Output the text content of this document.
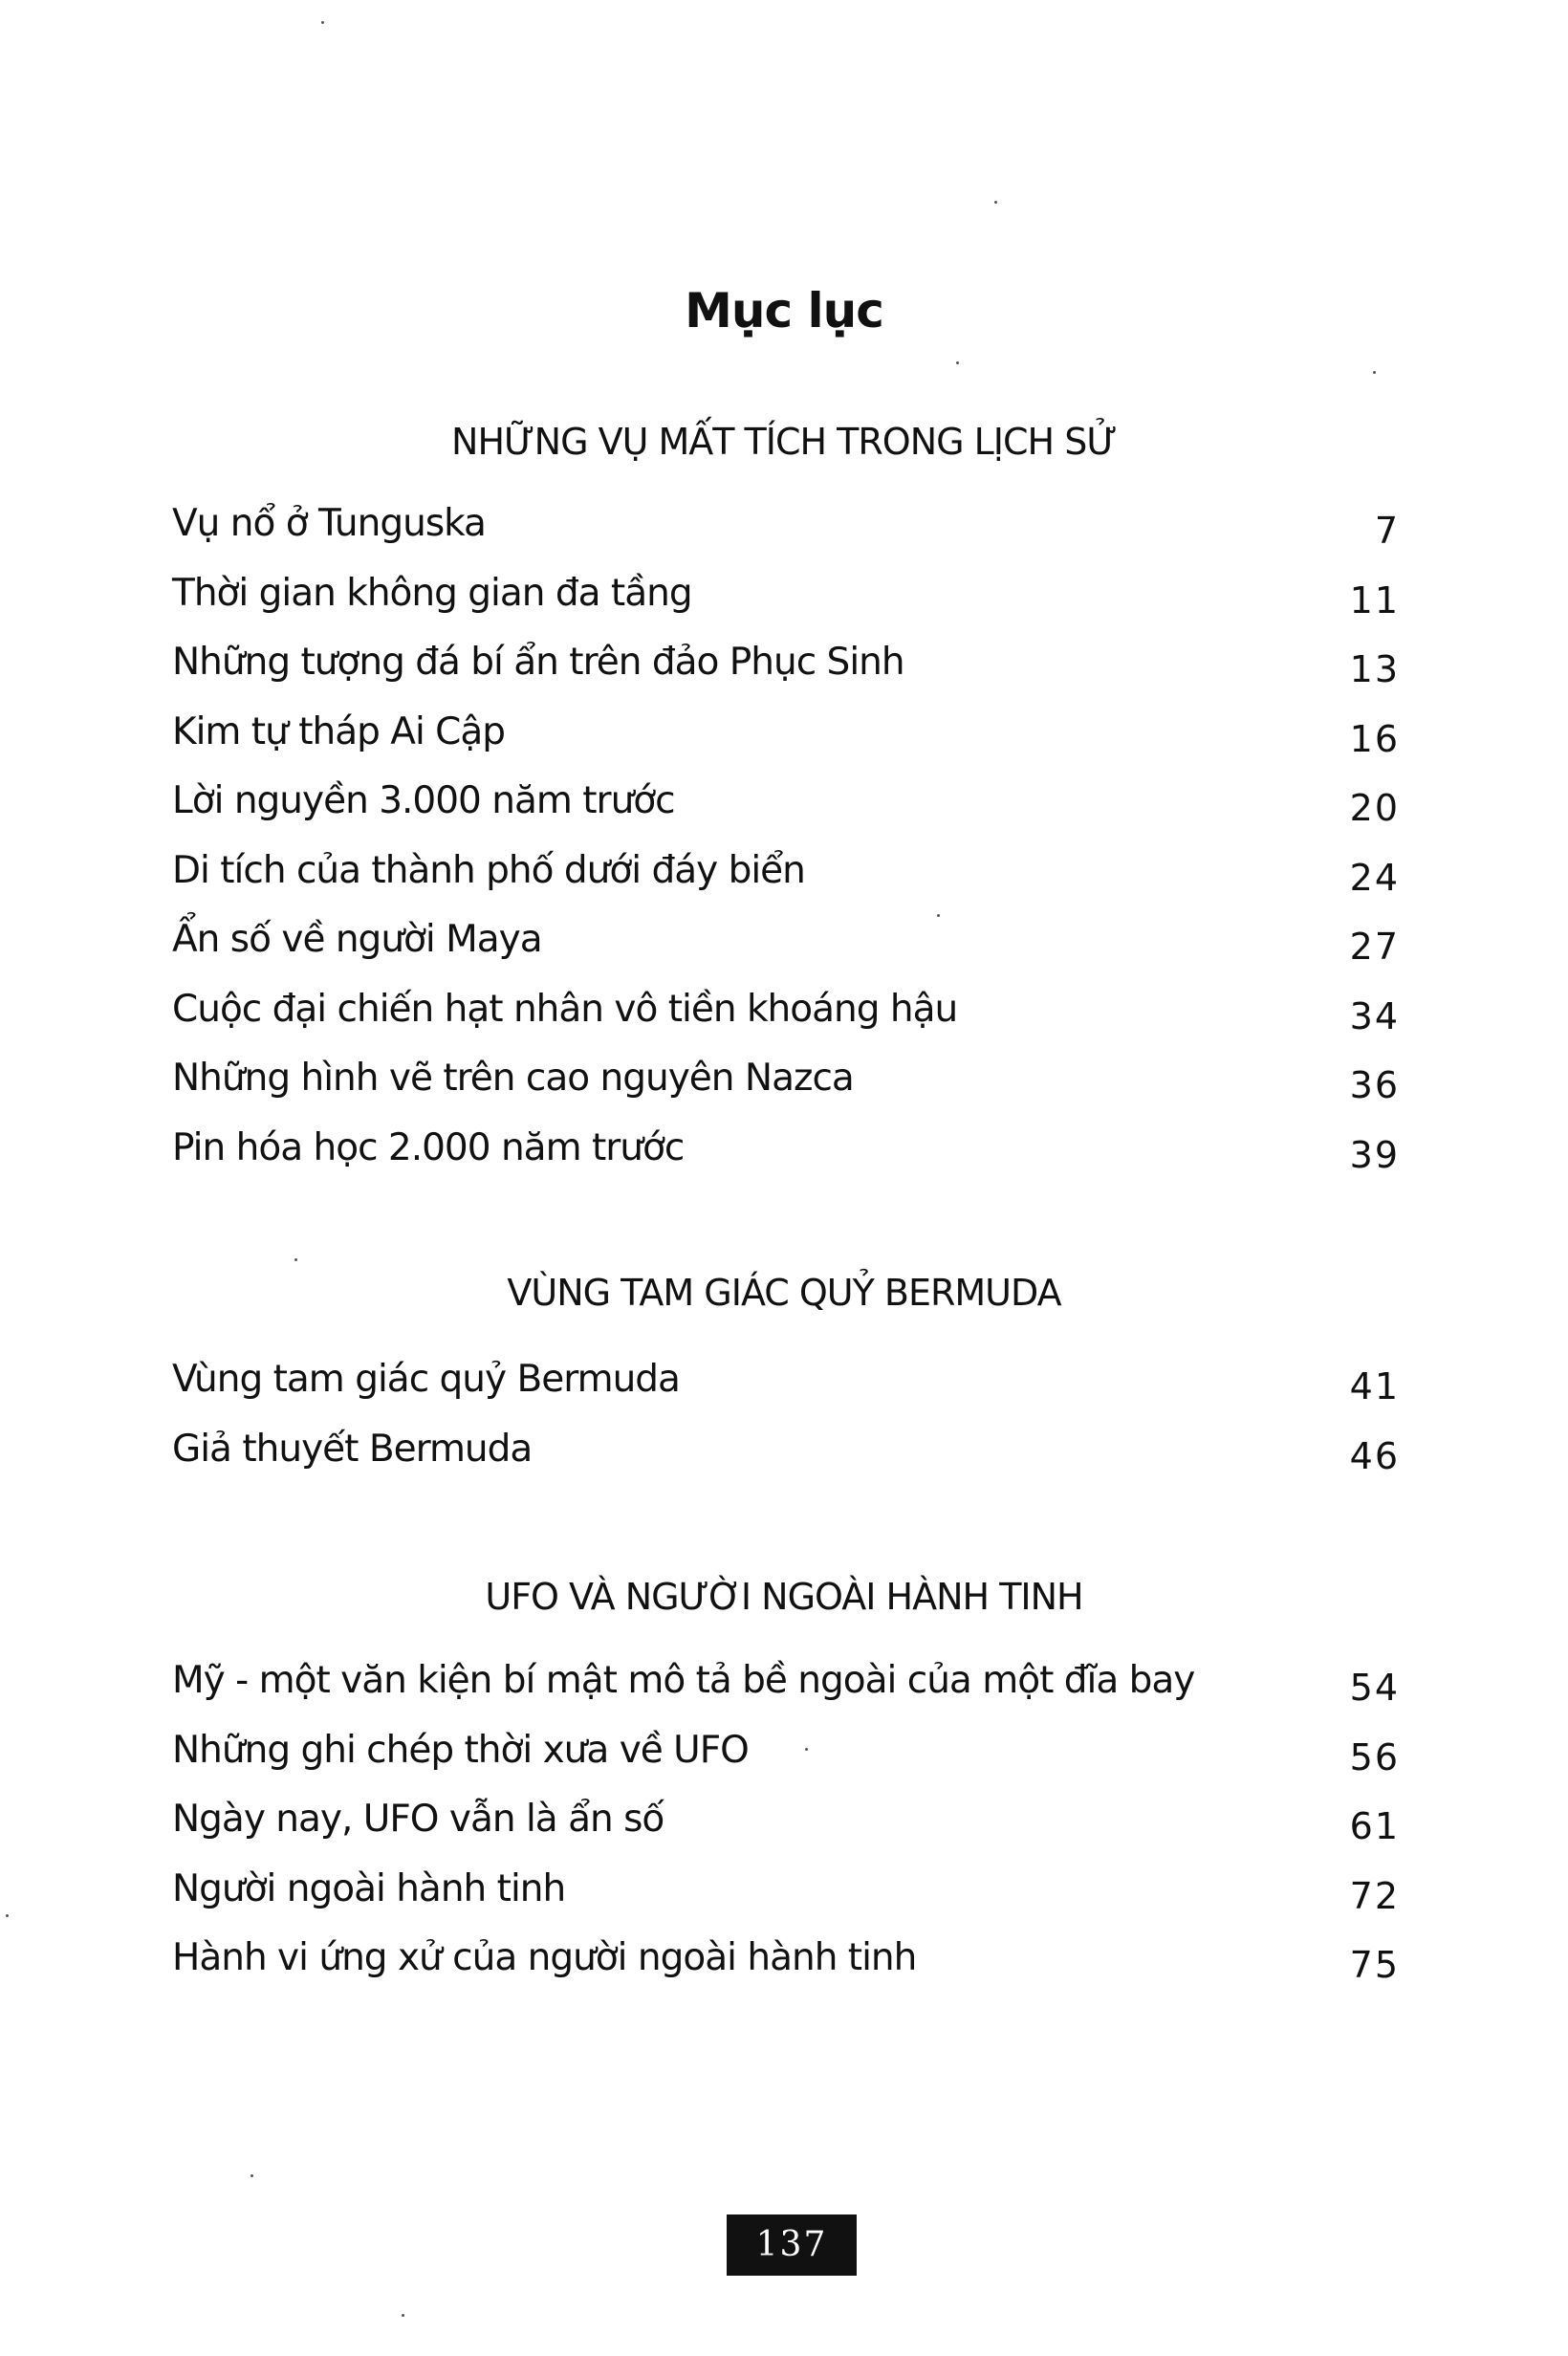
Mục lục
NHỮNG VỤ MẤT TÍCH TRONG LỊCH SỬ
Vụ nổ ở Tunguska	7
Thời gian không gian đa tầng	11
Những tượng đá bí ẩn trên đảo Phục Sinh	13
Kim tự tháp Ai Cập	16
Lời nguyền 3.000 năm trước	20
Di tích của thành phố dưới đáy biển	24
Ẩn số về người Maya	27
Cuộc đại chiến hạt nhân vô tiền khoáng hậu	34
Những hình vẽ trên cao nguyên Nazca	36
Pin hóa học 2.000 năm trước	39
VÙNG TAM GIÁC QUỶ BERMUDA
Vùng tam giác quỷ Bermuda	41
Giả thuyết Bermuda	46
UFO VÀ NGƯỜI NGOÀI HÀNH TINH
Mỹ - một văn kiện bí mật mô tả bề ngoài của một đĩa bay	54
Những ghi chép thời xưa về UFO	56
Ngày nay, UFO vẫn là ẩn số	61
Người ngoài hành tinh	72
Hành vi ứng xử của người ngoài hành tinh	75
137
